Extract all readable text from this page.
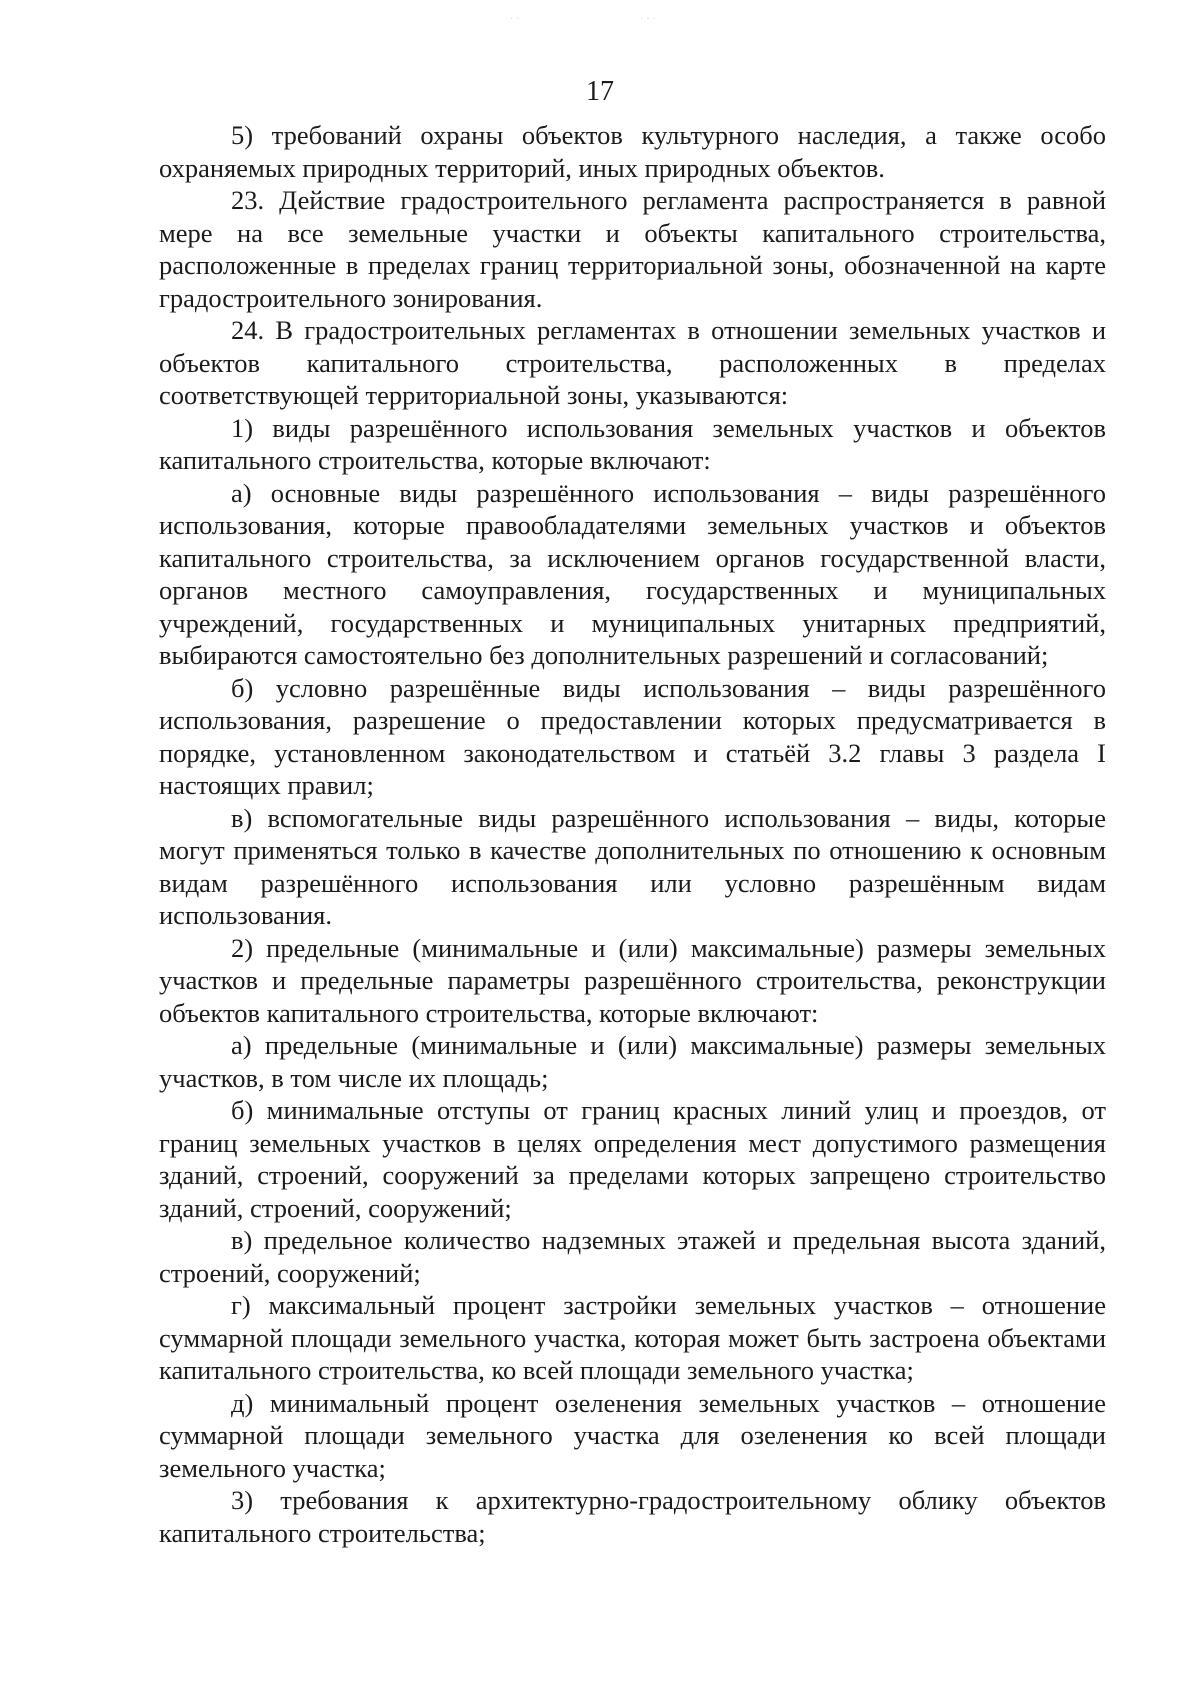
· ·	· · ·
17

5) требований охраны объектов культурного наследия, а также особо охраняемых природных территорий, иных природных объектов.

23. Действие градостроительного регламента распространяется в равной мере на все земельные участки и объекты капитального строительства, расположенные в пределах границ территориальной зоны, обозначенной на карте градостроительного зонирования.

24. В градостроительных регламентах в отношении земельных участков и объектов капитального строительства, расположенных в пределах соответствующей территориальной зоны, указываются:

1) виды разрешённого использования земельных участков и объектов капитального строительства, которые включают:

а) основные виды разрешённого использования – виды разрешённого использования, которые правообладателями земельных участков и объектов капитального строительства, за исключением органов государственной власти, органов местного самоуправления, государственных и муниципальных учреждений, государственных и муниципальных унитарных предприятий, выбираются самостоятельно без дополнительных разрешений и согласований;

б) условно разрешённые виды использования – виды разрешённого использования, разрешение о предоставлении которых предусматривается в порядке, установленном законодательством и статьёй 3.2 главы 3 раздела I настоящих правил;

в) вспомогательные виды разрешённого использования – виды, которые могут применяться только в качестве дополнительных по отношению к основным видам разрешённого использования или условно разрешённым видам использования.

2) предельные (минимальные и (или) максимальные) размеры земельных участков и предельные параметры разрешённого строительства, реконструкции объектов капитального строительства, которые включают:

а) предельные (минимальные и (или) максимальные) размеры земельных участков, в том числе их площадь;

б) минимальные отступы от границ красных линий улиц и проездов, от границ земельных участков в целях определения мест допустимого размещения зданий, строений, сооружений за пределами которых запрещено строительство зданий, строений, сооружений;

в) предельное количество надземных этажей и предельная высота зданий, строений, сооружений;

г) максимальный процент застройки земельных участков – отношение суммарной площади земельного участка, которая может быть застроена объектами капитального строительства, ко всей площади земельного участка;

д) минимальный процент озеленения земельных участков – отношение суммарной площади земельного участка для озеленения ко всей площади земельного участка;

3) требования к архитектурно-градостроительному облику объектов капитального строительства;
